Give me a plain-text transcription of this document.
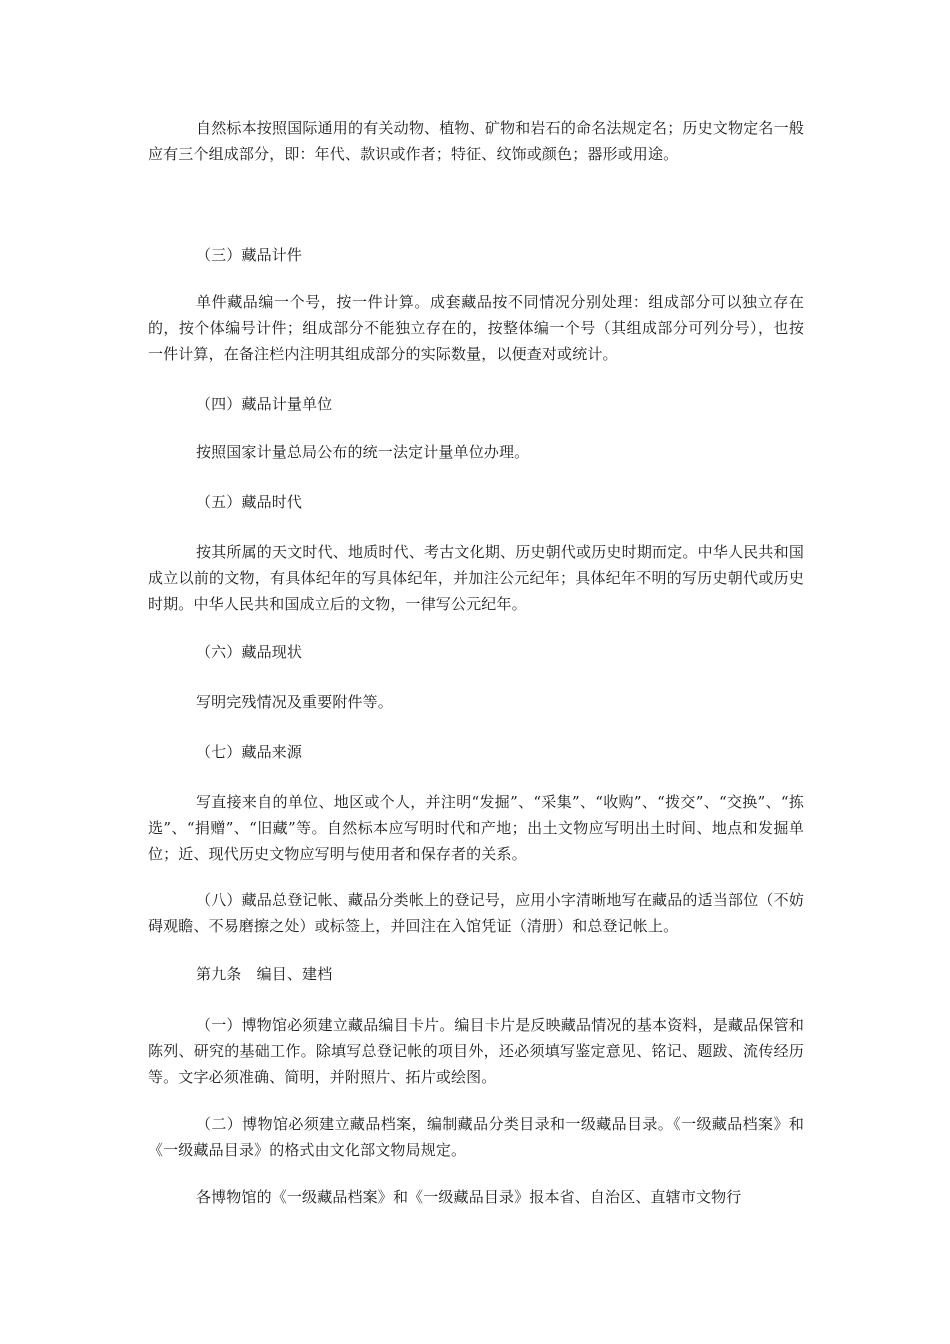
自然标本按照国际通用的有关动物、植物、矿物和岩石的命名法规定名；历史文物定名一般应有三个组成部分，即：年代、款识或作者；特征、纹饰或颜色；器形或用途。

（三）藏品计件

单件藏品编一个号，按一件计算。成套藏品按不同情况分别处理：组成部分可以独立存在的，按个体编号计件；组成部分不能独立存在的，按整体编一个号（其组成部分可列分号），也按一件计算，在备注栏内注明其组成部分的实际数量，以便查对或统计。

（四）藏品计量单位

按照国家计量总局公布的统一法定计量单位办理。

（五）藏品时代

按其所属的天文时代、地质时代、考古文化期、历史朝代或历史时期而定。中华人民共和国成立以前的文物，有具体纪年的写具体纪年，并加注公元纪年；具体纪年不明的写历史朝代或历史时期。中华人民共和国成立后的文物，一律写公元纪年。

（六）藏品现状

写明完残情况及重要附件等。

（七）藏品来源

写直接来自的单位、地区或个人，并注明“发掘”、“采集”、“收购”、“拨交”、“交换”、“拣选”、“捐赠”、“旧藏”等。自然标本应写明时代和产地；出土文物应写明出土时间、地点和发掘单位；近、现代历史文物应写明与使用者和保存者的关系。

（八）藏品总登记帐、藏品分类帐上的登记号，应用小字清晰地写在藏品的适当部位（不妨碍观瞻、不易磨擦之处）或标签上，并回注在入馆凭证（清册）和总登记帐上。

第九条　编目、建档

（一）博物馆必须建立藏品编目卡片。编目卡片是反映藏品情况的基本资料，是藏品保管和陈列、研究的基础工作。除填写总登记帐的项目外，还必须填写鉴定意见、铭记、题跋、流传经历等。文字必须准确、简明，并附照片、拓片或绘图。

（二）博物馆必须建立藏品档案，编制藏品分类目录和一级藏品目录。《一级藏品档案》和《一级藏品目录》的格式由文化部文物局规定。

各博物馆的《一级藏品档案》和《一级藏品目录》报本省、自治区、直辖市文物行
